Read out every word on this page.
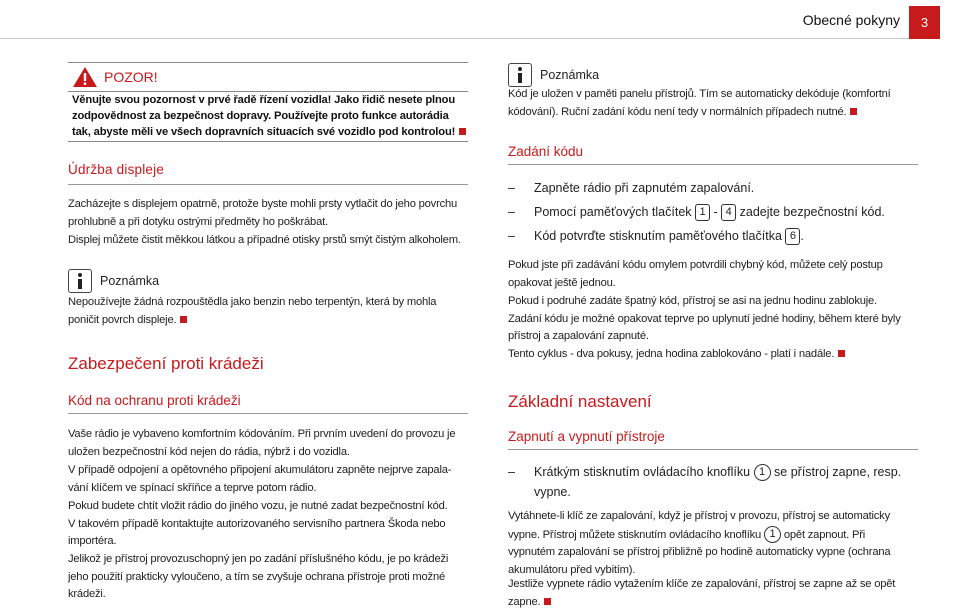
Obecné pokyny	3
POZOR!
Věnujte svou pozornost v prvé řadě řízení vozidla! Jako řidič nesete plnou
zodpovědnost za bezpečnost dopravy. Používejte proto funkce autorádia
tak, abyste měli ve všech dopravních situacích své vozidlo pod kontrolou!
Údržba displeje
Zacházejte s displejem opatrně, protože byste mohli prsty vytlačit do jeho povrchu
prohlubně a při dotyku ostrými předměty ho poškrábat.
Displej můžete čistit měkkou látkou a případné otisky prstů smýt čistým alkoholem.
Poznámka
Nepoužívejte žádná rozpouštědla jako benzin nebo terpentýn, která by mohla
poničit povrch displeje.
Zabezpečení proti krádeži
Kód na ochranu proti krádeži
Vaše rádio je vybaveno komfortním kódováním. Při prvním uvedení do provozu je
uložen bezpečnostní kód nejen do rádia, nýbrž i do vozidla.
V případě odpojení a opětovného připojení akumulátoru zapněte nejprve zapala-
vání klíčem ve spínací skříňce a teprve potom rádio.
Pokud budete chtít vložit rádio do jiného vozu, je nutné zadat bezpečnostní kód.
V takovém případě kontaktujte autorizovaného servisního partnera Škoda nebo
importéra.
Jelikož je přístroj provozuschopný jen po zadání příslušného kódu, je po krádeži
jeho použití prakticky vyloučeno, a tím se zvyšuje ochrana přístroje proti možné
krádeži.
Poznámka
Kód je uložen v paměti panelu přístrojů. Tím se automaticky dekóduje (komfortní
kódování). Ruční zadání kódu není tedy v normálních případech nutné.
Zadání kódu
– Zapněte rádio při zapnutém zapalování.
– Pomocí paměťových tlačítek 1 - 4 zadejte bezpečnostní kód.
– Kód potvrďte stisknutím paměťového tlačítka 6 .
Pokud jste při zadávání kódu omylem potvrdili chybný kód, můžete celý postup
opakovat ještě jednou.
Pokud i podruhé zadáte špatný kód, přístroj se asi na jednu hodinu zablokuje.
Zadání kódu je možné opakovat teprve po uplynutí jedné hodiny, během které byly
přístroj a zapalování zapnuté.
Tento cyklus - dva pokusy, jedna hodina zablokováno - platí i nadále.
Základní nastavení
Zapnutí a vypnutí přístroje
– Krátkým stisknutím ovládacího knoflíku 1 se přístroj zapne, resp.
vypne.
Vytáhnete-li klíč ze zapalování, když je přístroj v provozu, přístroj se automaticky
vypne. Přístroj můžete stisknutím ovládacího knoflíku 1 opět zapnout. Při
vypnutém zapalování se přístroj přibližně po hodině automaticky vypne (ochrana
akumulátoru před vybitím).
Jestliže vypnete rádio vytažením klíče ze zapalování, přístroj se zapne až se opět
zapne.
